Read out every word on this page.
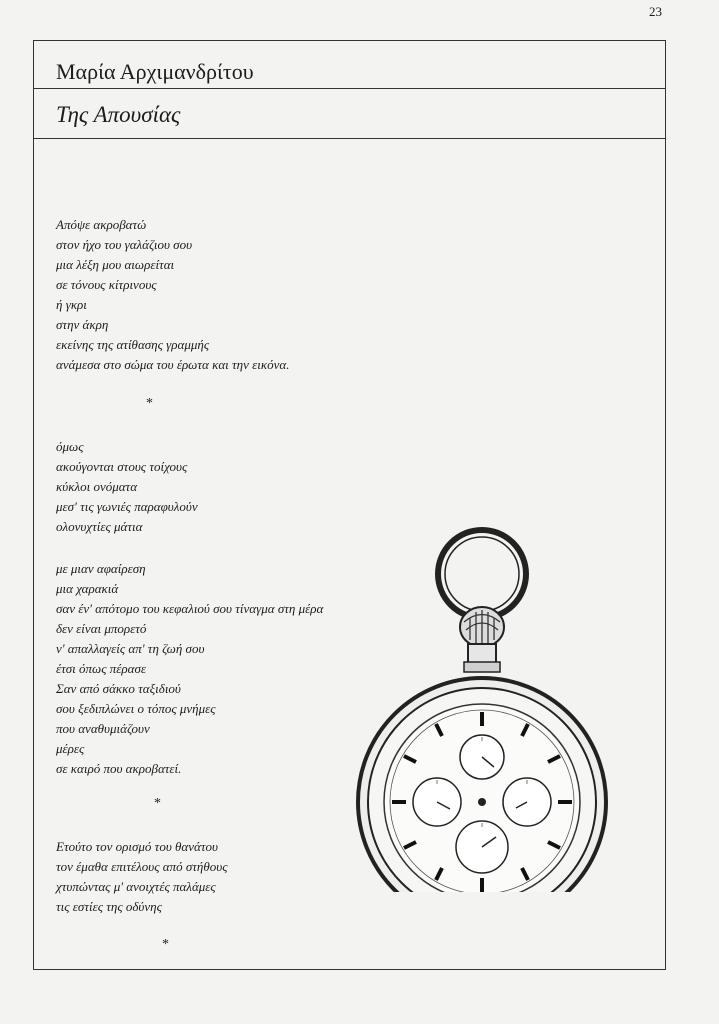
23
Μαρία Αρχιμανδρίτου
Της Απουσίας
Απόψε ακροβατώ
στον ήχο του γαλάζιου σου
μια λέξη μου αιωρείται
σε τόνους κίτρινους
ή γκρι
στην άκρη
εκείνης της ατίθασης γραμμής
ανάμεσα στο σώμα του έρωτα και την εικόνα.
*
όμως
ακούγονται στους τοίχους
κύκλοι ονόματα
μεσ' τις γωνιές παραφυλούν
ολονυχτίες μάτια
με μιαν αφαίρεση
μια χαρακιά
σαν έν' απότομο του κεφαλιού σου τίναγμα στη μέρα
δεν είναι μπορετό
ν' απαλλαγείς απ' τη ζωή σου
έτσι όπως πέρασε
Σαν από σάκκο ταξιδιού
σου ξεδιπλώνει ο τόπος μνήμες
που αναθυμιάζουν
μέρες
σε καιρό που ακροβατεί.
*
Ετούτο τον ορισμό του θανάτου
τον έμαθα επιτέλους από στήθους
χτυπώντας μ' ανοιχτές παλάμες
τις εστίες της οδύνης
*
